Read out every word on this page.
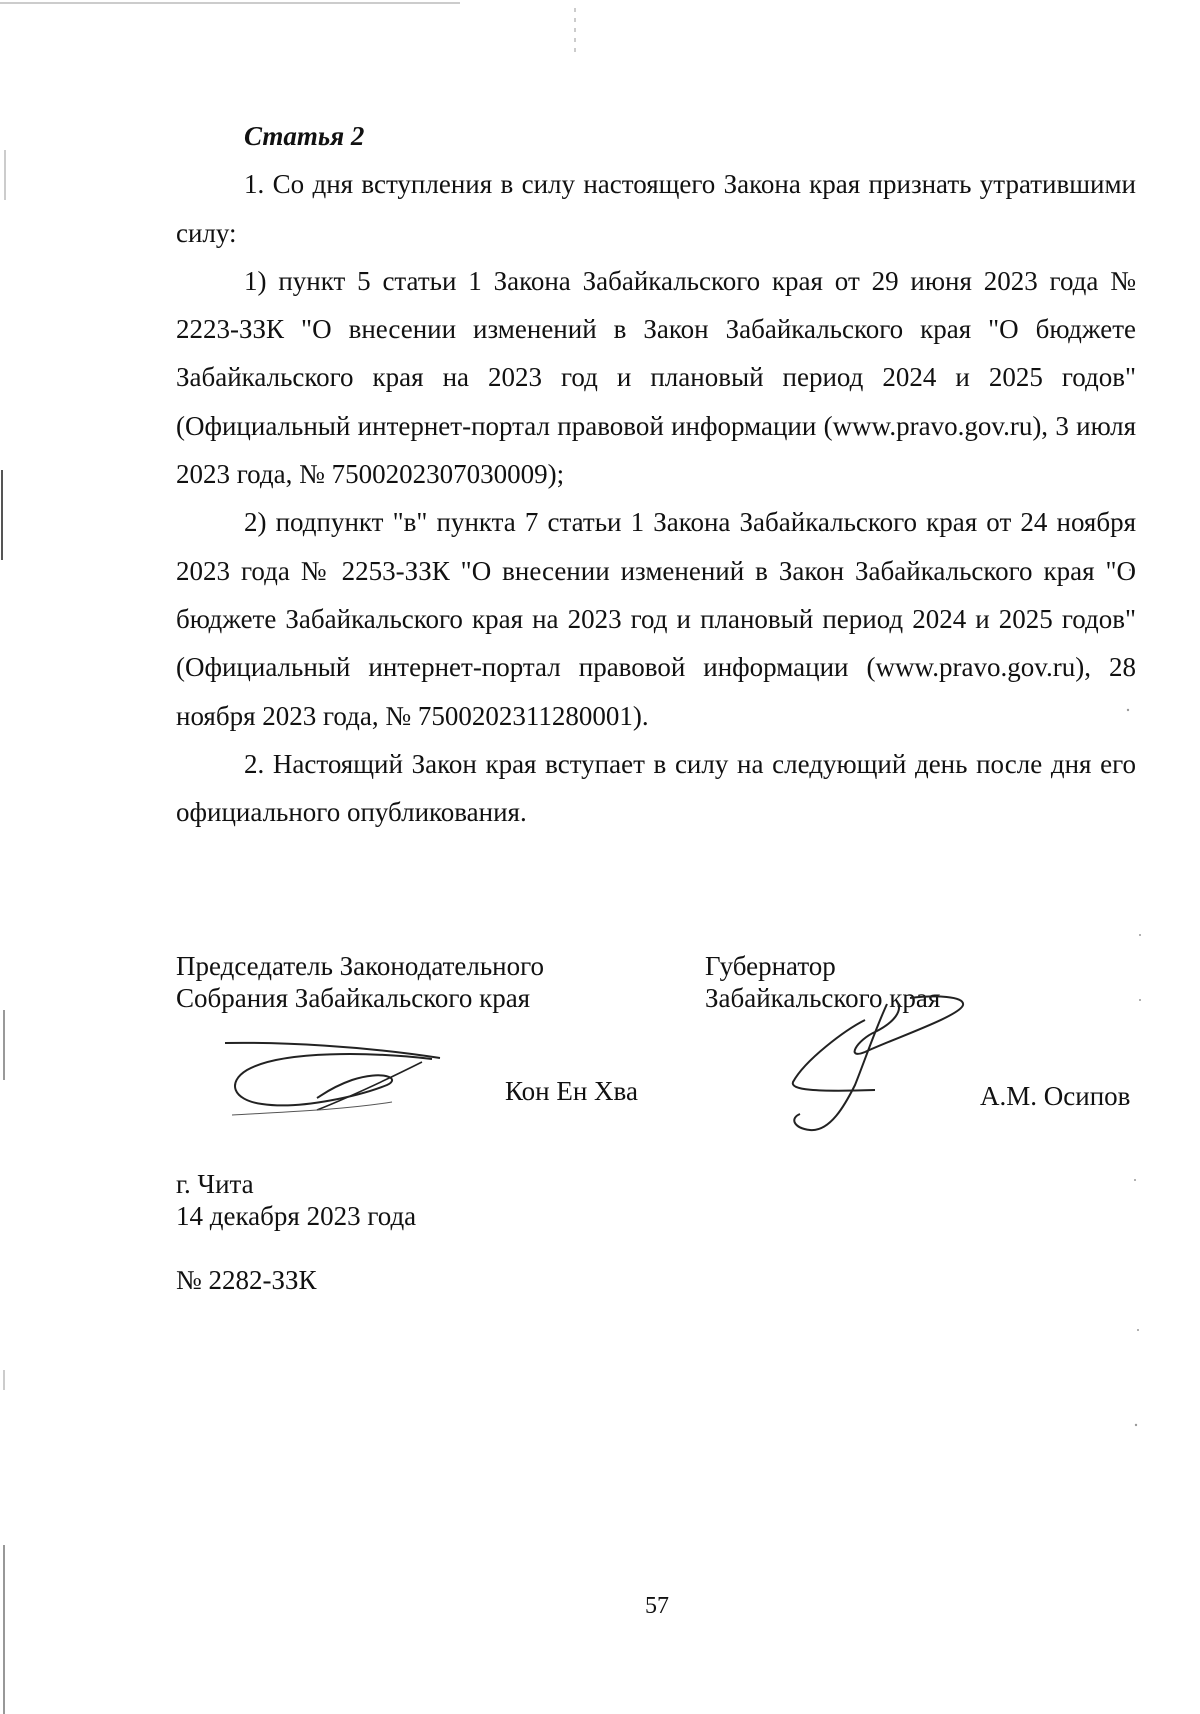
Статья 2

1. Со дня вступления в силу настоящего Закона края признать утратившими силу:

1) пункт 5 статьи 1 Закона Забайкальского края от 29 июня 2023 года № 2223-ЗЗК "О внесении изменений в Закон Забайкальского края "О бюджете Забайкальского края на 2023 год и плановый период 2024 и 2025 годов" (Официальный интернет-портал правовой информации (www.pravo.gov.ru), 3 июля 2023 года, № 7500202307030009);

2) подпункт "в" пункта 7 статьи 1 Закона Забайкальского края от 24 ноября 2023 года № 2253-ЗЗК "О внесении изменений в Закон Забайкальского края "О бюджете Забайкальского края на 2023 год и плановый период 2024 и 2025 годов" (Официальный интернет-портал правовой информации (www.pravo.gov.ru), 28 ноября 2023 года, № 7500202311280001).

2. Настоящий Закон края вступает в силу на следующий день после дня его официального опубликования.

Председатель Законодательного
Собрания Забайкальского края
Кон Ен Хва
Губернатор
Забайкальского края
А.М. Осипов
г. Чита
14 декабря 2023 года
№ 2282-ЗЗК
57
